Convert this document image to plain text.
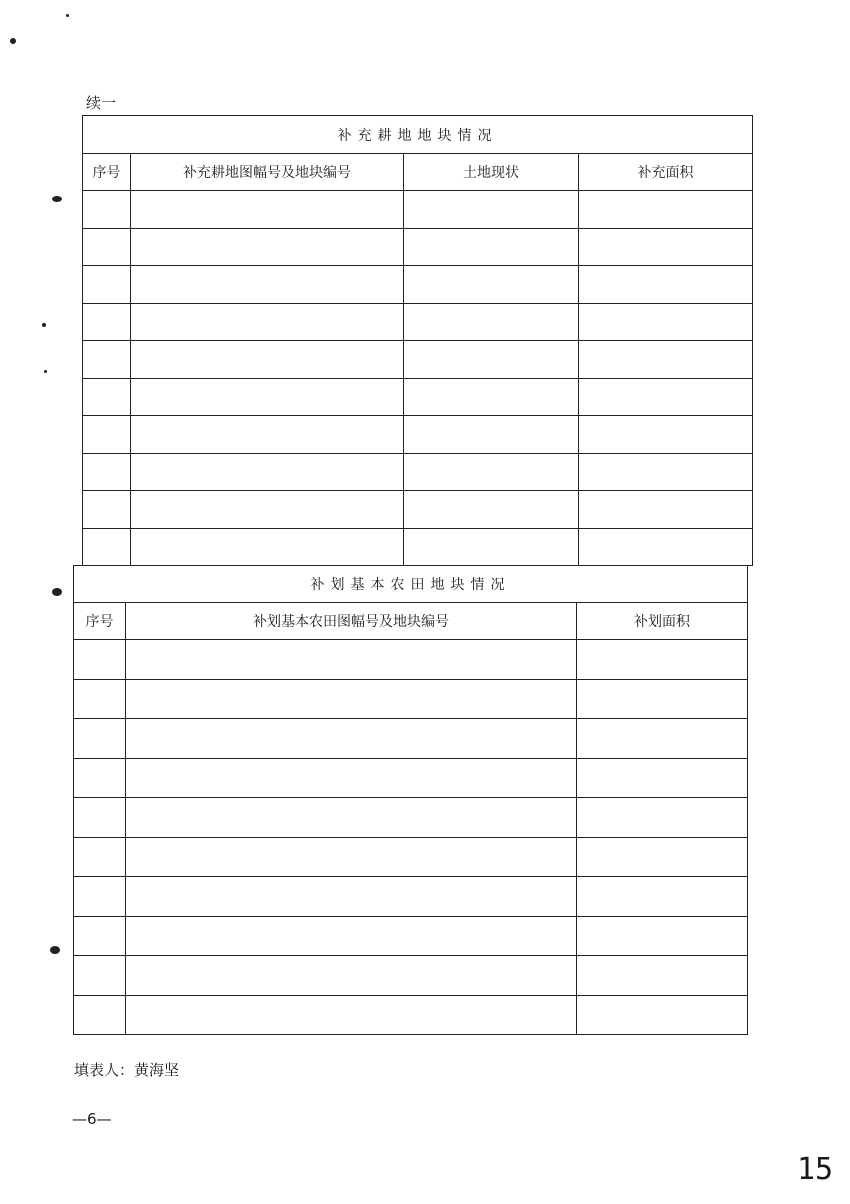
续一
补充耕地地块情况			
序号	补充耕地图幅号及地块编号	土地现状	补充面积

补划基本农田地块情况		
序号	补划基本农田图幅号及地块编号	补划面积

填表人：黄海坚
—6—
15
